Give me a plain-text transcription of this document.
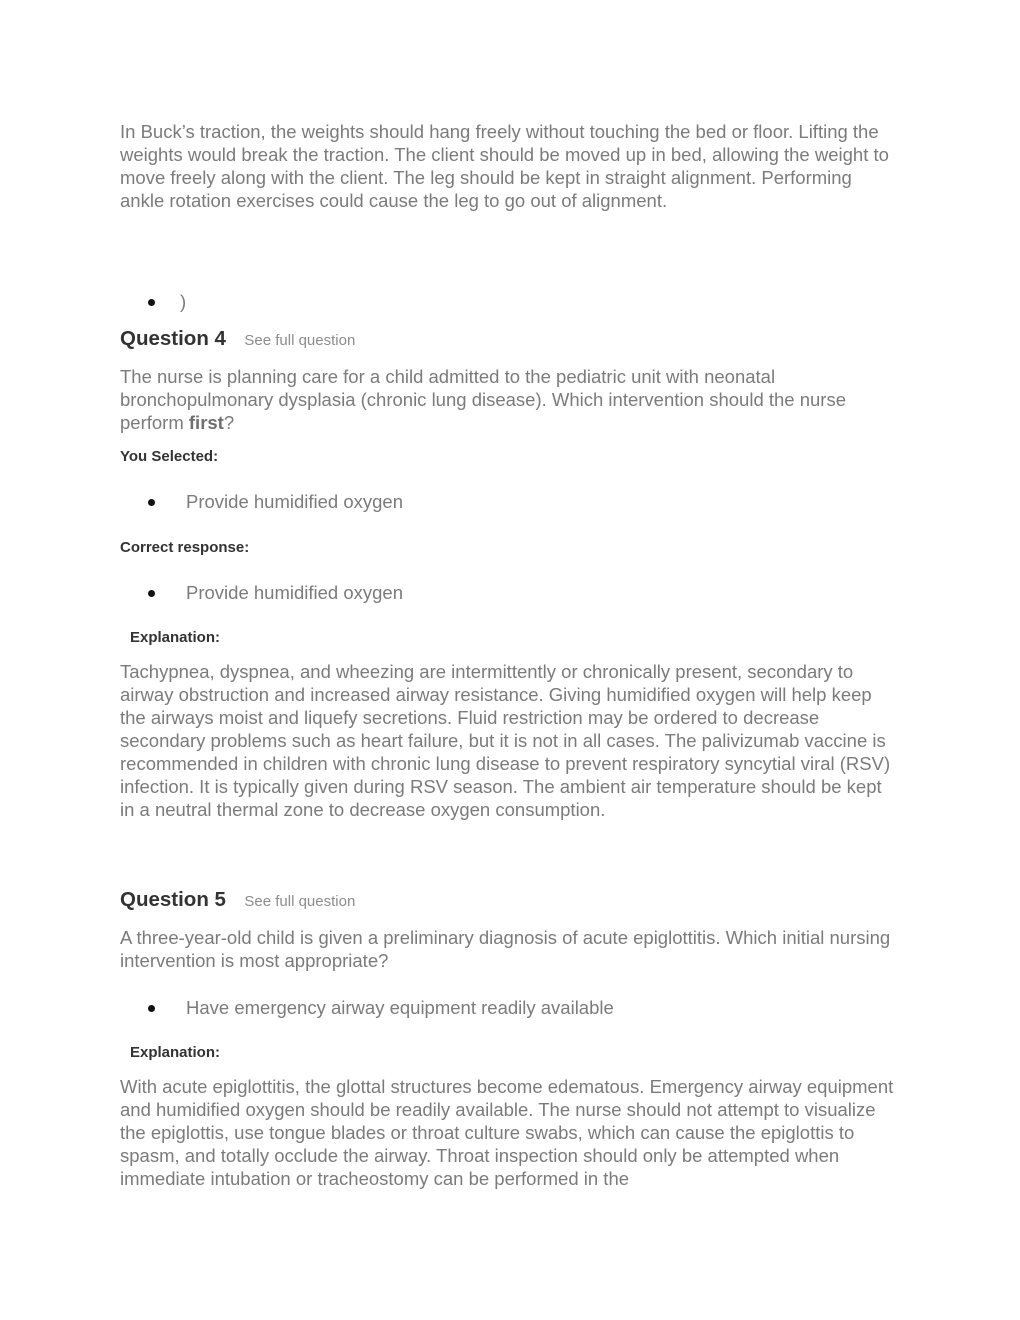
In Buck’s traction, the weights should hang freely without touching the bed or floor. Lifting the weights would break the traction. The client should be moved up in bed, allowing the weight to move freely along with the client. The leg should be kept in straight alignment. Performing ankle rotation exercises could cause the leg to go out of alignment.

)
Question 4 See full question

The nurse is planning care for a child admitted to the pediatric unit with neonatal bronchopulmonary dysplasia (chronic lung disease). Which intervention should the nurse perform first?

You Selected:
Provide humidified oxygen
Correct response:
Provide humidified oxygen
Explanation:

Tachypnea, dyspnea, and wheezing are intermittently or chronically present, secondary to airway obstruction and increased airway resistance. Giving humidified oxygen will help keep the airways moist and liquefy secretions. Fluid restriction may be ordered to decrease secondary problems such as heart failure, but it is not in all cases. The palivizumab vaccine is recommended in children with chronic lung disease to prevent respiratory syncytial viral (RSV) infection. It is typically given during RSV season. The ambient air temperature should be kept in a neutral thermal zone to decrease oxygen consumption.

Question 5 See full question

A three-year-old child is given a preliminary diagnosis of acute epiglottitis. Which initial nursing intervention is most appropriate?

Have emergency airway equipment readily available
Explanation:

With acute epiglottitis, the glottal structures become edematous. Emergency airway equipment and humidified oxygen should be readily available. The nurse should not attempt to visualize the epiglottis, use tongue blades or throat culture swabs, which can cause the epiglottis to spasm, and totally occlude the airway. Throat inspection should only be attempted when immediate intubation or tracheostomy can be performed in the
